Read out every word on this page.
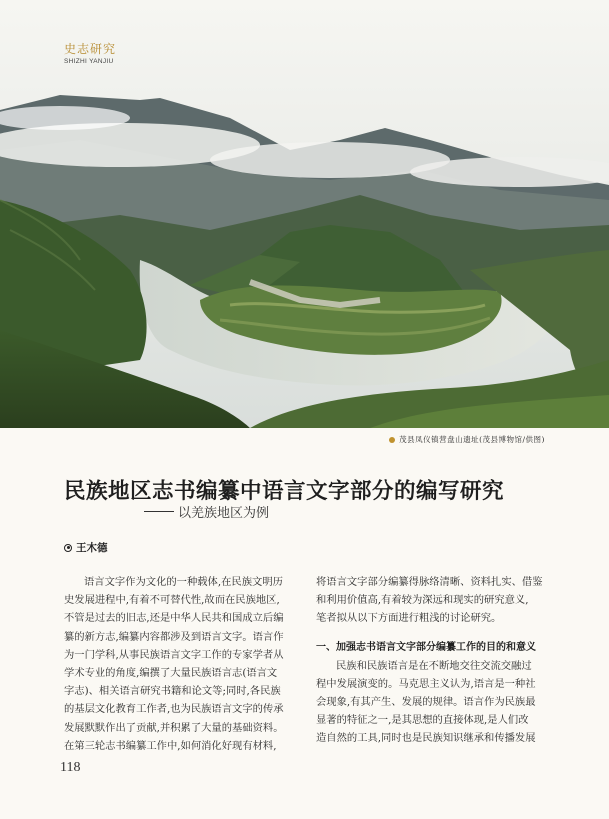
史志研究
SHIZHI YANJIU
茂县凤仪镇营盘山遗址(茂县博物馆/供图)
民族地区志书编纂中语言文字部分的编写研究
以羌族地区为例
王木德

语言文字作为文化的一种载体,在民族文明历
史发展进程中,有着不可替代性,故而在民族地区,
不管是过去的旧志,还是中华人民共和国成立后编
纂的新方志,编纂内容都涉及到语言文字。语言作
为一门学科,从事民族语言文字工作的专家学者从
学术专业的角度,编撰了大量民族语言志(语言文
字志)、相关语言研究书籍和论文等;同时,各民族
的基层文化教育工作者,也为民族语言文字的传承
发展默默作出了贡献,并积累了大量的基础资料。
在第三轮志书编纂工作中,如何消化好现有材料,

将语言文字部分编纂得脉络清晰、资料扎实、借鉴
和利用价值高,有着较为深远和现实的研究意义,
笔者拟从以下方面进行粗浅的讨论研究。

一、加强志书语言文字部分编纂工作的目的和意义

民族和民族语言是在不断地交往交流交融过
程中发展演变的。马克思主义认为,语言是一种社
会现象,有其产生、发展的规律。语言作为民族最
显著的特征之一,是其思想的直接体现,是人们改
造自然的工具,同时也是民族知识继承和传播发展

118
